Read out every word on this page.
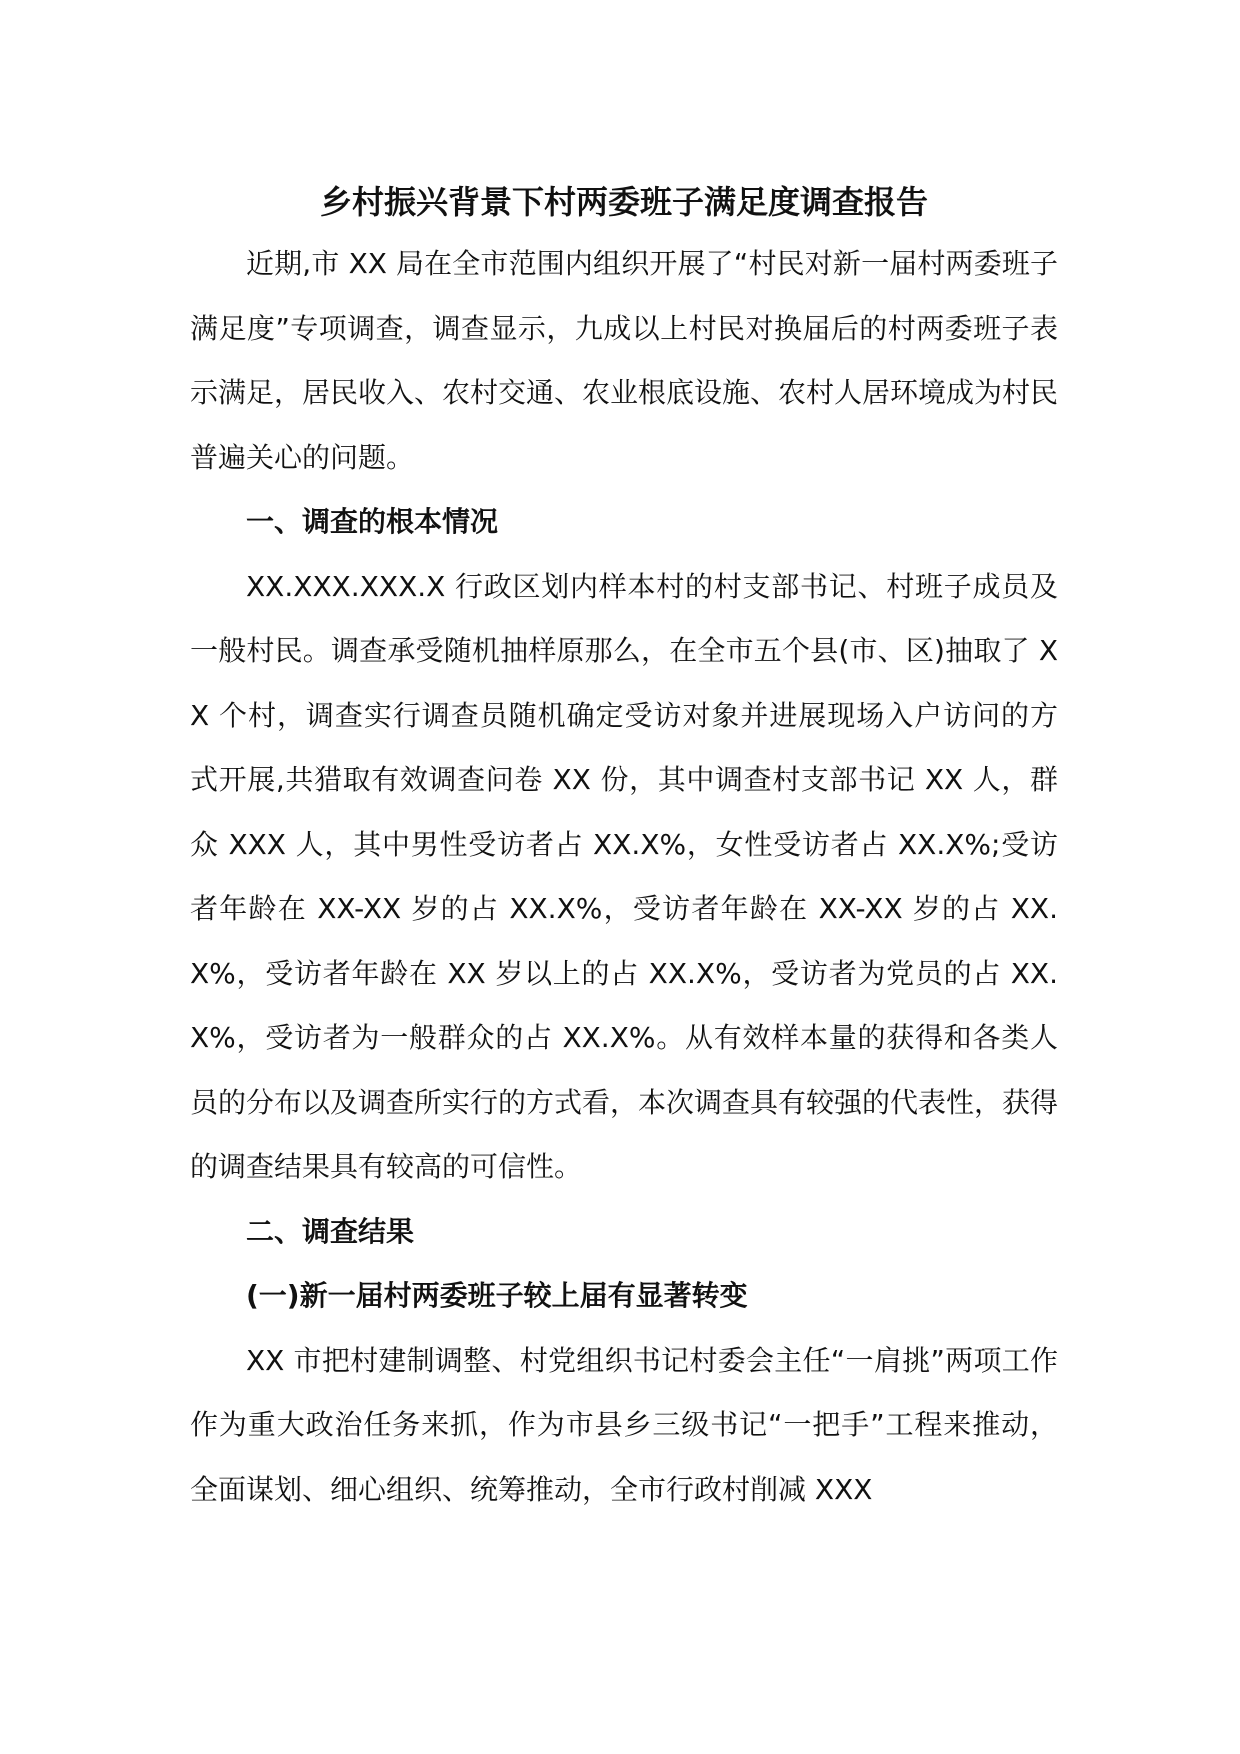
乡村振兴背景下村两委班子满足度调查报告

近期,市 XX 局在全市范围内组织开展了“村民对新一届村两委班子满足度”专项调查，调查显示，九成以上村民对换届后的村两委班子表示满足，居民收入、农村交通、农业根底设施、农村人居环境成为村民普遍关心的问题。

一、调查的根本情况

XX.XXX.XXX.X 行政区划内样本村的村支部书记、村班子成员及一般村民。调查承受随机抽样原那么，在全市五个县(市、区)抽取了 XX 个村，调查实行调查员随机确定受访对象并进展现场入户访问的方式开展,共猎取有效调查问卷 XX 份，其中调查村支部书记 XX 人，群众 XXX 人，其中男性受访者占 XX.X%，女性受访者占 XX.X%;受访者年龄在 XX-XX 岁的占 XX.X%，受访者年龄在 XX-XX 岁的占 XX.X%，受访者年龄在 XX 岁以上的占 XX.X%，受访者为党员的占 XX.X%，受访者为一般群众的占 XX.X%。从有效样本量的获得和各类人员的分布以及调查所实行的方式看，本次调查具有较强的代表性，获得的调查结果具有较高的可信性。

二、调查结果

(一)新一届村两委班子较上届有显著转变

XX 市把村建制调整、村党组织书记村委会主任“一肩挑”两项工作作为重大政治任务来抓，作为市县乡三级书记“一把手”工程来推动，全面谋划、细心组织、统筹推动，全市行政村削减 XXX
